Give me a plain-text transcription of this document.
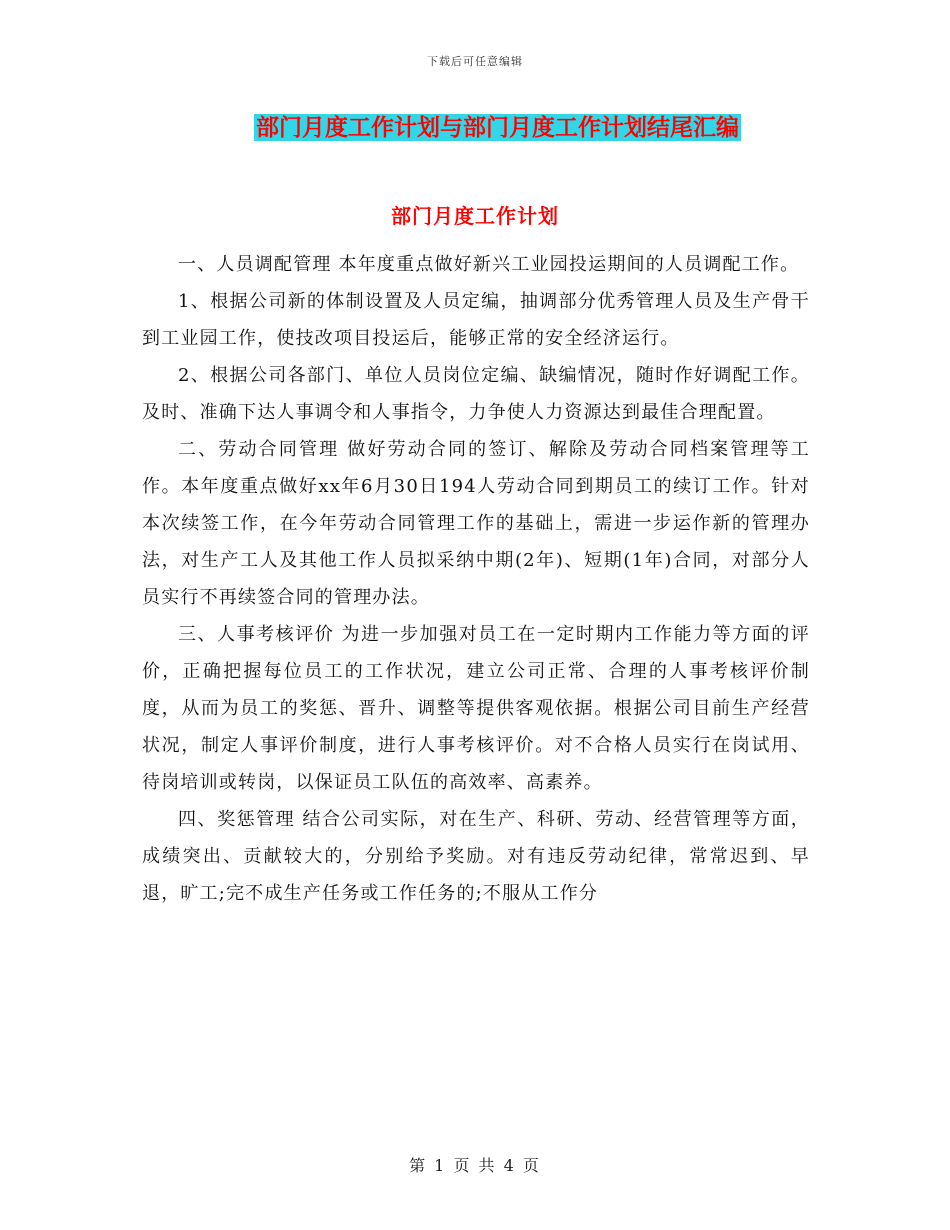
下载后可任意编辑
部门月度工作计划与部门月度工作计划结尾汇编
部门月度工作计划

一、人员调配管理 本年度重点做好新兴工业园投运期间的人员调配工作。

1、根据公司新的体制设置及人员定编，抽调部分优秀管理人员及生产骨干到工业园工作，使技改项目投运后，能够正常的安全经济运行。

2、根据公司各部门、单位人员岗位定编、缺编情况，随时作好调配工作。及时、准确下达人事调令和人事指令，力争使人力资源达到最佳合理配置。

二、劳动合同管理 做好劳动合同的签订、解除及劳动合同档案管理等工作。本年度重点做好xx年6月30日194人劳动合同到期员工的续订工作。针对本次续签工作，在今年劳动合同管理工作的基础上，需进一步运作新的管理办法，对生产工人及其他工作人员拟采纳中期(2年)、短期(1年)合同，对部分人员实行不再续签合同的管理办法。

三、人事考核评价 为进一步加强对员工在一定时期内工作能力等方面的评价，正确把握每位员工的工作状况，建立公司正常、合理的人事考核评价制度，从而为员工的奖惩、晋升、调整等提供客观依据。根据公司目前生产经营状况，制定人事评价制度，进行人事考核评价。对不合格人员实行在岗试用、待岗培训或转岗，以保证员工队伍的高效率、高素养。

四、奖惩管理 结合公司实际，对在生产、科研、劳动、经营管理等方面，成绩突出、贡献较大的，分别给予奖励。对有违反劳动纪律，常常迟到、早退，旷工;完不成生产任务或工作任务的;不服从工作分

第 1 页 共 4 页
